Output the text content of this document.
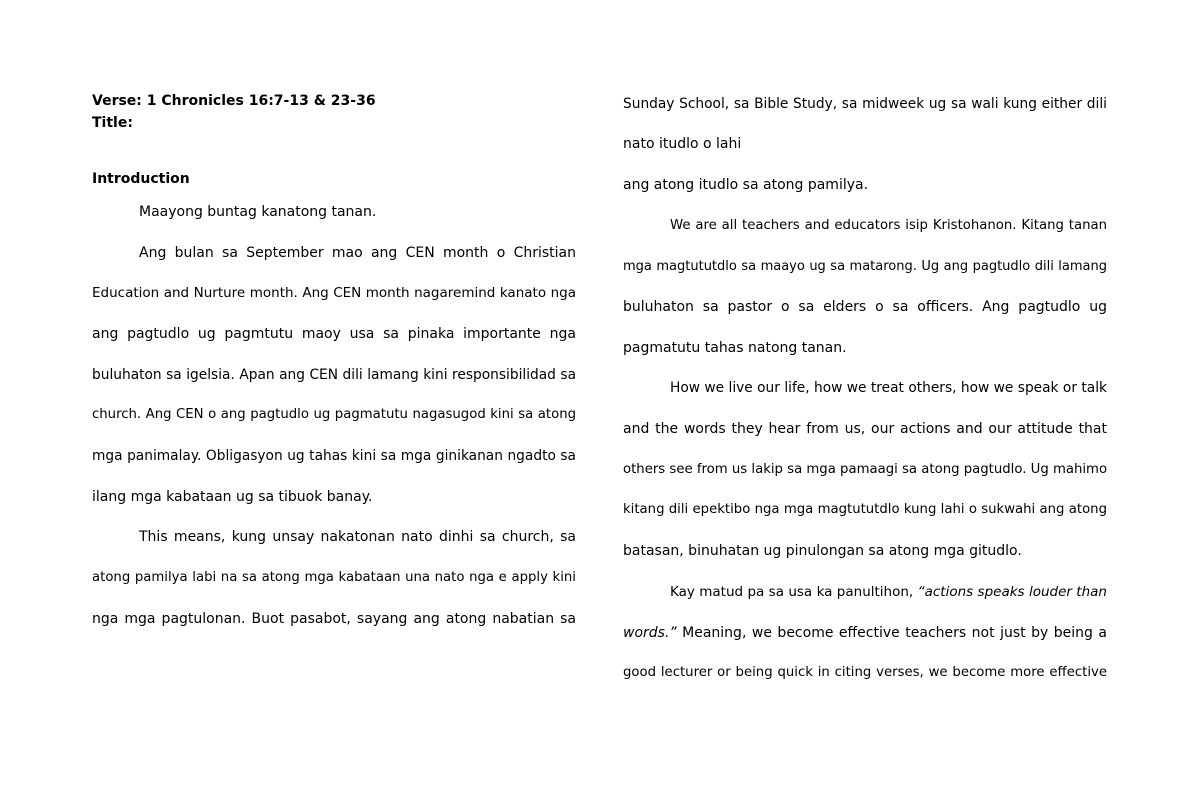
Verse: 1 Chronicles 16:7-13 & 23-36
Title:
Introduction
Maayong buntag kanatong tanan.
Ang bulan sa September mao ang CEN month o Christian
Education and Nurture month. Ang CEN month nagaremind kanato nga
ang pagtudlo ug pagmtutu maoy usa sa pinaka importante nga
buluhaton sa igelsia. Apan ang CEN dili lamang kini responsibilidad sa
church. Ang CEN o ang pagtudlo ug pagmatutu nagasugod kini sa atong
mga panimalay. Obligasyon ug tahas kini sa mga ginikanan ngadto sa
ilang mga kabataan ug sa tibuok banay.
This means, kung unsay nakatonan nato dinhi sa church, sa
atong pamilya labi na sa atong mga kabataan una nato nga e apply kini
nga mga pagtulonan. Buot pasabot, sayang ang atong nabatian sa
Sunday School, sa Bible Study, sa midweek ug sa wali kung either dili
nato itudlo o lahi
ang atong itudlo sa atong pamilya.
We are all teachers and educators isip Kristohanon. Kitang tanan
mga magtututdlo sa maayo ug sa matarong. Ug ang pagtudlo dili lamang
buluhaton sa pastor o sa elders o sa officers. Ang pagtudlo ug
pagmatutu tahas natong tanan.
How we live our life, how we treat others, how we speak or talk
and the words they hear from us, our actions and our attitude that
others see from us lakip sa mga pamaagi sa atong pagtudlo. Ug mahimo
kitang dili epektibo nga mga magtututdlo kung lahi o sukwahi ang atong
batasan, binuhatan ug pinulongan sa atong mga gitudlo.
Kay matud pa sa usa ka panultihon, “actions speaks louder than
words.” Meaning, we become effective teachers not just by being a
good lecturer or being quick in citing verses, we become more effective
